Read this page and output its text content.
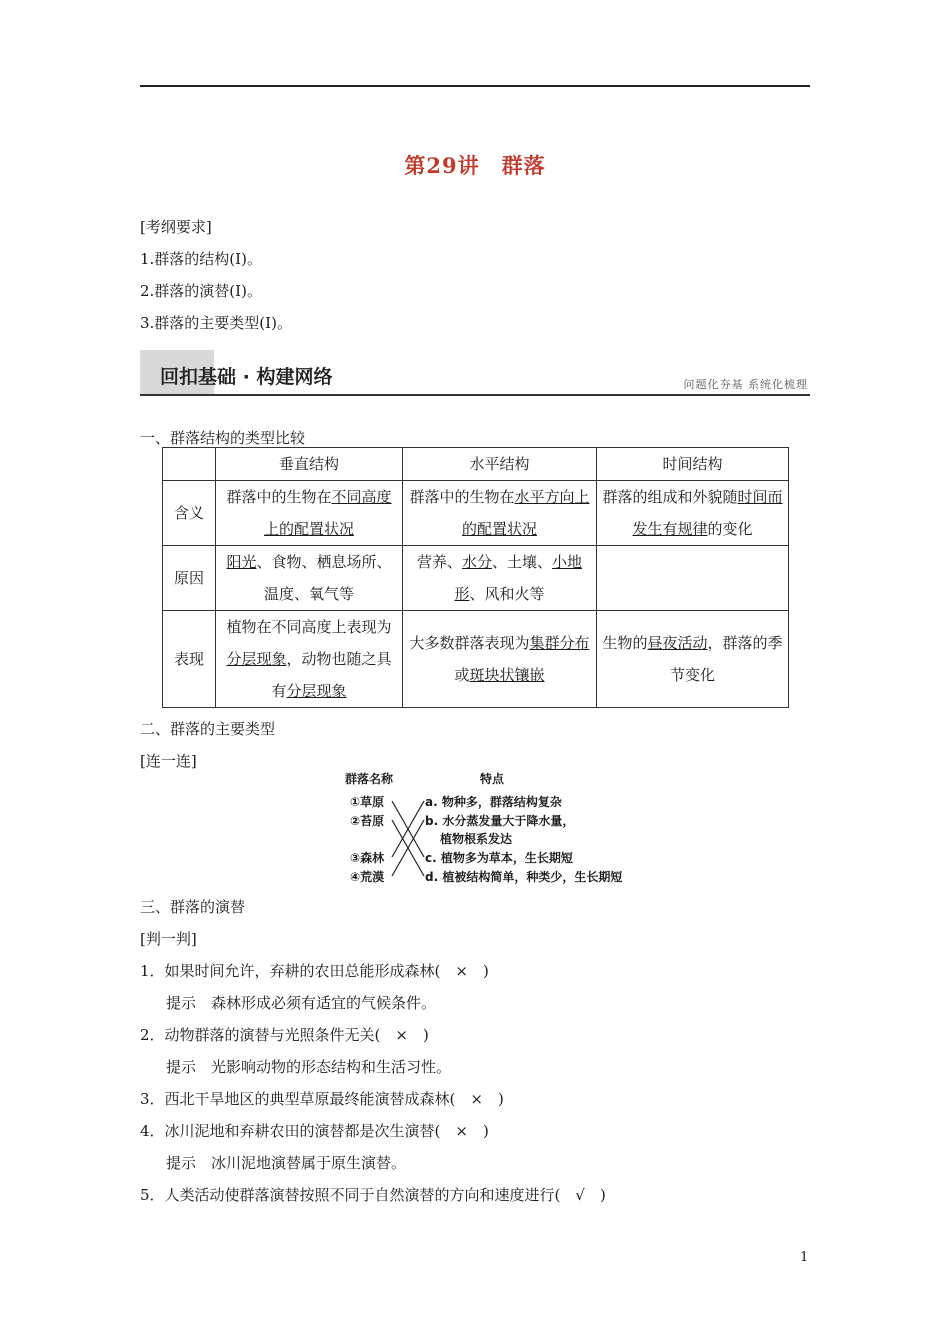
第29讲　群落
[考纲要求]
1.群落的结构(Ⅰ)。
2.群落的演替(Ⅰ)。
3.群落的主要类型(Ⅰ)。
回扣基础 · 构建网络	问题化夯基 系统化梳理
一、群落结构的类型比较
	垂直结构	水平结构	时间结构
含义	群落中的生物在不同高度上的配置状况	群落中的生物在水平方向上的配置状况	群落的组成和外貌随时间而发生有规律的变化
原因	阳光、食物、栖息场所、温度、氧气等	营养、水分、土壤、小地形、风和火等	
表现	植物在不同高度上表现为分层现象，动物也随之具有分层现象	大多数群落表现为集群分布或斑块状镶嵌	生物的昼夜活动，群落的季节变化
二、群落的主要类型
[连一连]
群落名称	特点
①草原
②苔原
③森林
④荒漠
a. 物种多，群落结构复杂
b. 水分蒸发量大于降水量，
植物根系发达
c. 植物多为草本，生长期短
d. 植被结构简单，种类少，生长期短
三、群落的演替
[判一判]
1．如果时间允许，弃耕的农田总能形成森林(　×　)
提示　森林形成必须有适宜的气候条件。
2．动物群落的演替与光照条件无关(　×　)
提示　光影响动物的形态结构和生活习性。
3．西北干旱地区的典型草原最终能演替成森林(　×　)
4．冰川泥地和弃耕农田的演替都是次生演替(　×　)
提示　冰川泥地演替属于原生演替。
5．人类活动使群落演替按照不同于自然演替的方向和速度进行(　√　)
1
